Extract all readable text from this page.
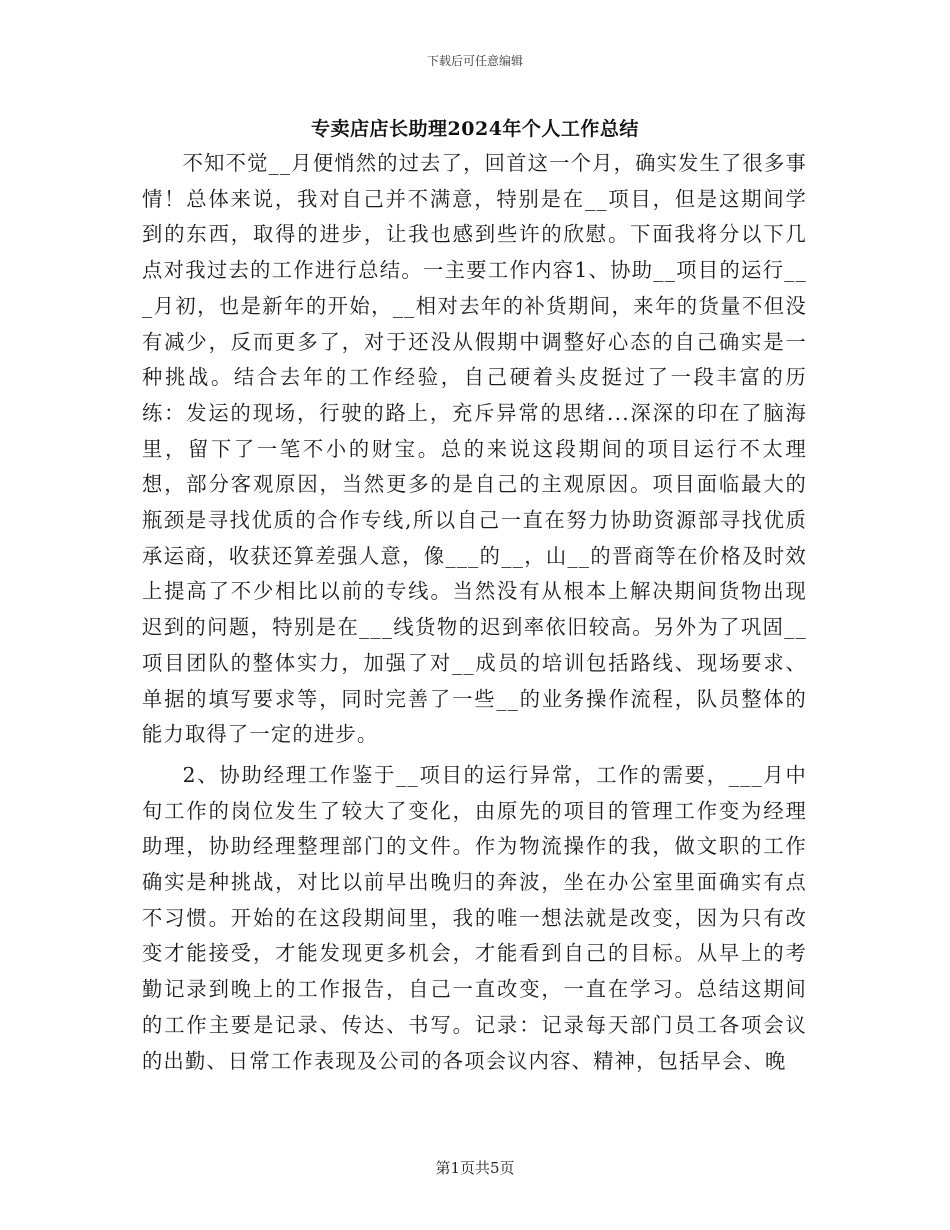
下载后可任意编辑
专卖店店长助理2024年个人工作总结

不知不觉__月便悄然的过去了，回首这一个月，确实发生了很多事情！总体来说，我对自己并不满意，特别是在__项目，但是这期间学到的东西，取得的进步，让我也感到些许的欣慰。下面我将分以下几点对我过去的工作进行总结。一主要工作内容1、协助__项目的运行___月初，也是新年的开始，__相对去年的补货期间，来年的货量不但没有减少，反而更多了，对于还没从假期中调整好心态的自己确实是一种挑战。结合去年的工作经验，自己硬着头皮挺过了一段丰富的历练：发运的现场，行驶的路上，充斥异常的思绪...深深的印在了脑海里，留下了一笔不小的财宝。总的来说这段期间的项目运行不太理想，部分客观原因，当然更多的是自己的主观原因。项目面临最大的瓶颈是寻找优质的合作专线,所以自己一直在努力协助资源部寻找优质承运商，收获还算差强人意，像___的__，山__的晋商等在价格及时效上提高了不少相比以前的专线。当然没有从根本上解决期间货物出现迟到的问题，特别是在___线货物的迟到率依旧较高。另外为了巩固__项目团队的整体实力，加强了对__成员的培训包括路线、现场要求、单据的填写要求等，同时完善了一些__的业务操作流程，队员整体的能力取得了一定的进步。

2、协助经理工作鉴于__项目的运行异常，工作的需要，___月中旬工作的岗位发生了较大了变化，由原先的项目的管理工作变为经理助理，协助经理整理部门的文件。作为物流操作的我，做文职的工作确实是种挑战，对比以前早出晚归的奔波，坐在办公室里面确实有点不习惯。开始的在这段期间里，我的唯一想法就是改变，因为只有改变才能接受，才能发现更多机会，才能看到自己的目标。从早上的考勤记录到晚上的工作报告，自己一直改变，一直在学习。总结这期间的工作主要是记录、传达、书写。记录：记录每天部门员工各项会议的出勤、日常工作表现及公司的各项会议内容、精神，包括早会、晚

第1页共5页
